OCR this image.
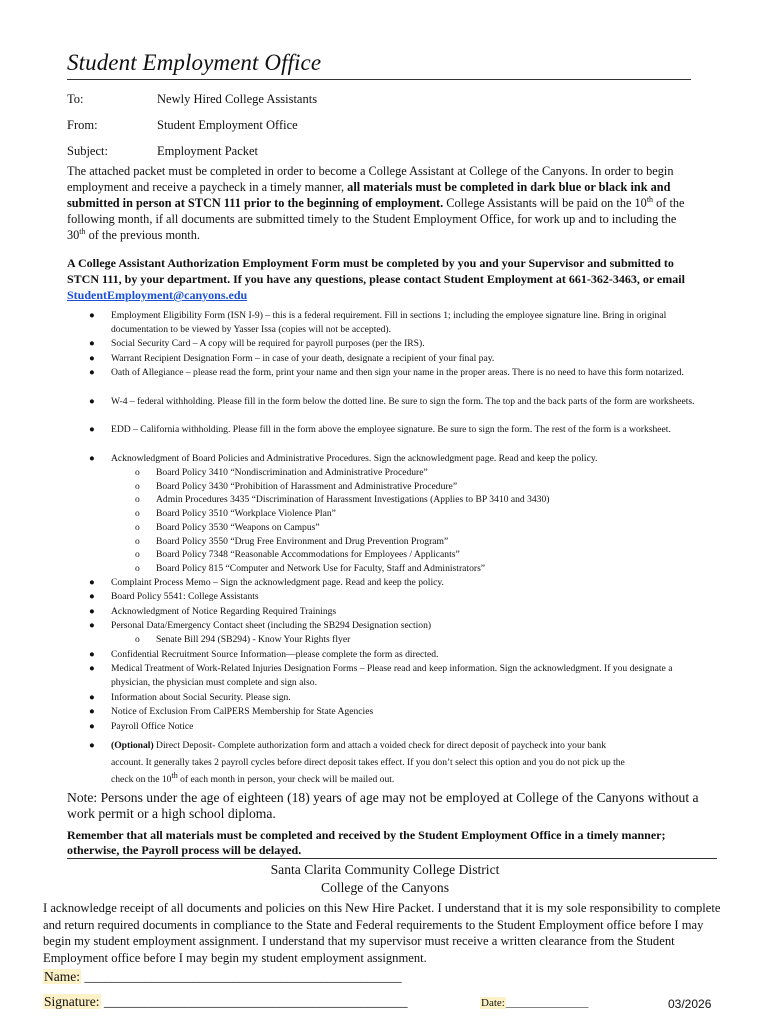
Student Employment Office
To:	Newly Hired College Assistants
From:	Student Employment Office
Subject:	Employment Packet
The attached packet must be completed in order to become a College Assistant at College of the Canyons. In order to begin employment and receive a paycheck in a timely manner, all materials must be completed in dark blue or black ink and submitted in person at STCN 111 prior to the beginning of employment. College Assistants will be paid on the 10th of the following month, if all documents are submitted timely to the Student Employment Office, for work up and to including the 30th of the previous month.
A College Assistant Authorization Employment Form must be completed by you and your Supervisor and submitted to STCN 111, by your department. If you have any questions, please contact Student Employment at 661-362-3463, or email StudentEmployment@canyons.edu
● Employment Eligibility Form (ISN I-9) – this is a federal requirement. Fill in sections 1; including the employee signature line. Bring in original documentation to be viewed by Yasser Issa (copies will not be accepted).
● Social Security Card – A copy will be required for payroll purposes (per the IRS).
● Warrant Recipient Designation Form – in case of your death, designate a recipient of your final pay.
● Oath of Allegiance – please read the form, print your name and then sign your name in the proper areas. There is no need to have this form notarized.
● W-4 – federal withholding. Please fill in the form below the dotted line. Be sure to sign the form. The top and the back parts of the form are worksheets.
● EDD – California withholding. Please fill in the form above the employee signature. Be sure to sign the form. The rest of the form is a worksheet.
● Acknowledgment of Board Policies and Administrative Procedures. Sign the acknowledgment page. Read and keep the policy.
o Board Policy 3410 “Nondiscrimination and Administrative Procedure”
o Board Policy 3430 “Prohibition of Harassment and Administrative Procedure”
o Admin Procedures 3435 “Discrimination of Harassment Investigations (Applies to BP 3410 and 3430)
o Board Policy 3510 “Workplace Violence Plan”
o Board Policy 3530 “Weapons on Campus”
o Board Policy 3550 “Drug Free Environment and Drug Prevention Program”
o Board Policy 7348 “Reasonable Accommodations for Employees / Applicants”
o Board Policy 815 “Computer and Network Use for Faculty, Staff and Administrators”
● Complaint Process Memo – Sign the acknowledgment page. Read and keep the policy.
● Board Policy 5541: College Assistants
● Acknowledgment of Notice Regarding Required Trainings
● Personal Data/Emergency Contact sheet (including the SB294 Designation section)
o Senate Bill 294 (SB294) - Know Your Rights flyer
● Confidential Recruitment Source Information—please complete the form as directed.
● Medical Treatment of Work-Related Injuries Designation Forms – Please read and keep information. Sign the acknowledgment. If you designate a physician, the physician must complete and sign also.
● Information about Social Security. Please sign.
● Notice of Exclusion From CalPERS Membership for State Agencies
● Payroll Office Notice
● (Optional) Direct Deposit- Complete authorization form and attach a voided check for direct deposit of paycheck into your bank
account. It generally takes 2 payroll cycles before direct deposit takes effect. If you don’t select this option and you do not pick up the
check on the 10th of each month in person, your check will be mailed out.
Note: Persons under the age of eighteen (18) years of age may not be employed at College of the Canyons without a work permit or a high school diploma.
Remember that all materials must be completed and received by the Student Employment Office in a timely manner; otherwise, the Payroll process will be delayed.
Santa Clarita Community College District
College of the Canyons
I acknowledge receipt of all documents and policies on this New Hire Packet. I understand that it is my sole responsibility to complete and return required documents in compliance to the State and Federal requirements to the Student Employment office before I may begin my student employment assignment. I understand that my supervisor must receive a written clearance from the Student Employment office before I may begin my student employment assignment.
Name: _______________________________________________
Signature: _____________________________________________	Date:_______________	03/2026
